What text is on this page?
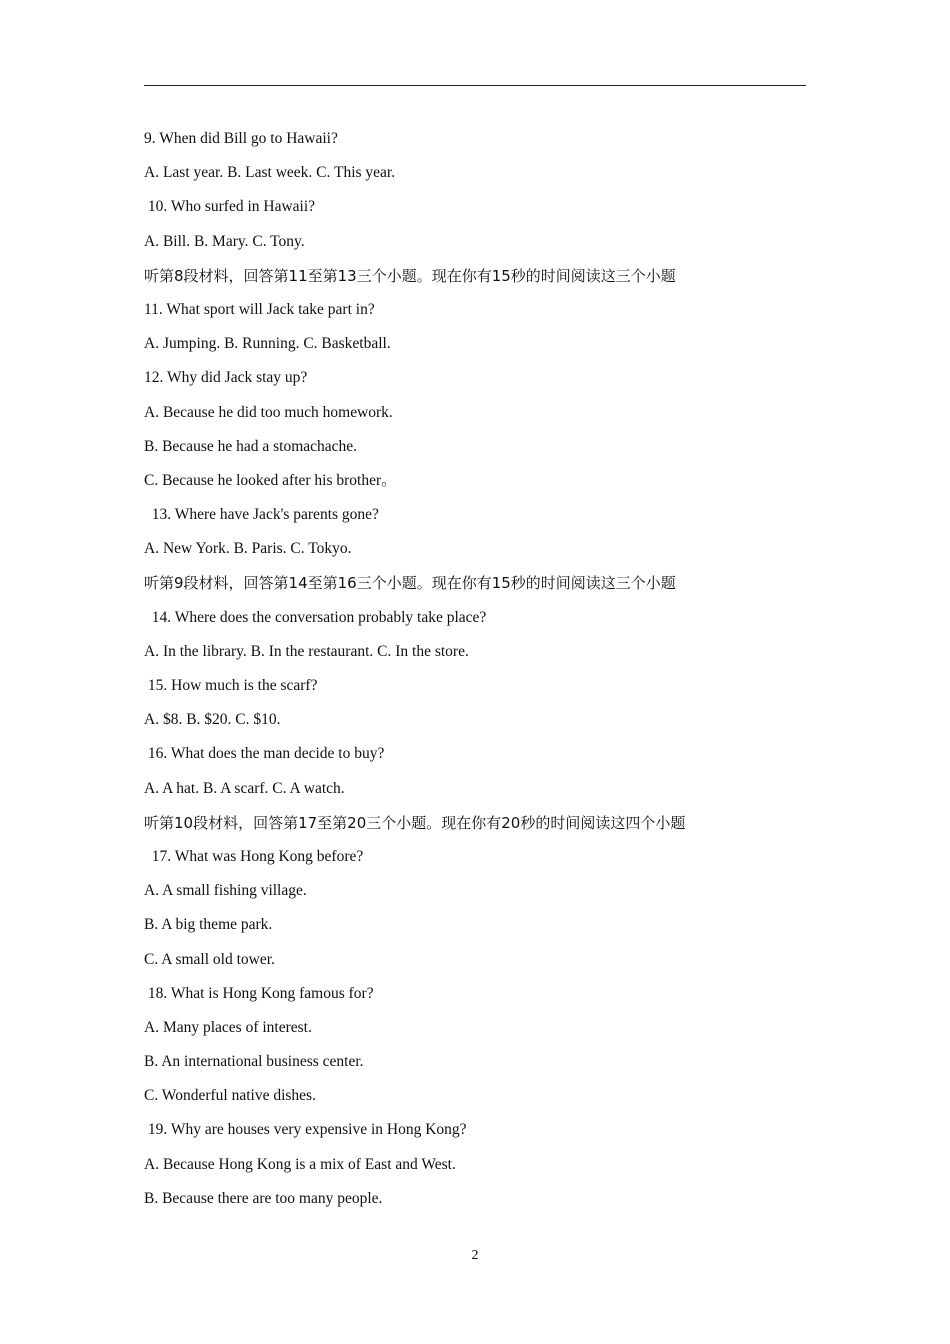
9. When did Bill go to Hawaii?
A. Last year. B. Last week. C. This year.
10. Who surfed in Hawaii?
A. Bill. B. Mary. C. Tony.
听第8段材料，回答第11至第13三个小题。现在你有15秒的时间阅读这三个小题
11. What sport will Jack take part in?
A. Jumping. B. Running. C. Basketball.
12. Why did Jack stay up?
A. Because he did too much homework.
B. Because he had a stomachache.
C. Because he looked after his brother。
13. Where have Jack's parents gone?
A. New York. B. Paris. C. Tokyo.
听第9段材料，回答第14至第16三个小题。现在你有15秒的时间阅读这三个小题
14. Where does the conversation probably take place?
A. In the library. B. In the restaurant. C. In the store.
15. How much is the scarf?
A. $8. B. $20. C. $10.
16. What does the man decide to buy?
A. A hat. B. A scarf. C. A watch.
听第10段材料，回答第17至第20三个小题。现在你有20秒的时间阅读这四个小题
17. What was Hong Kong before?
A. A small fishing village.
B. A big theme park.
C. A small old tower.
18. What is Hong Kong famous for?
A. Many places of interest.
B. An international business center.
C. Wonderful native dishes.
19. Why are houses very expensive in Hong Kong?
A. Because Hong Kong is a mix of East and West.
B. Because there are too many people.
2
